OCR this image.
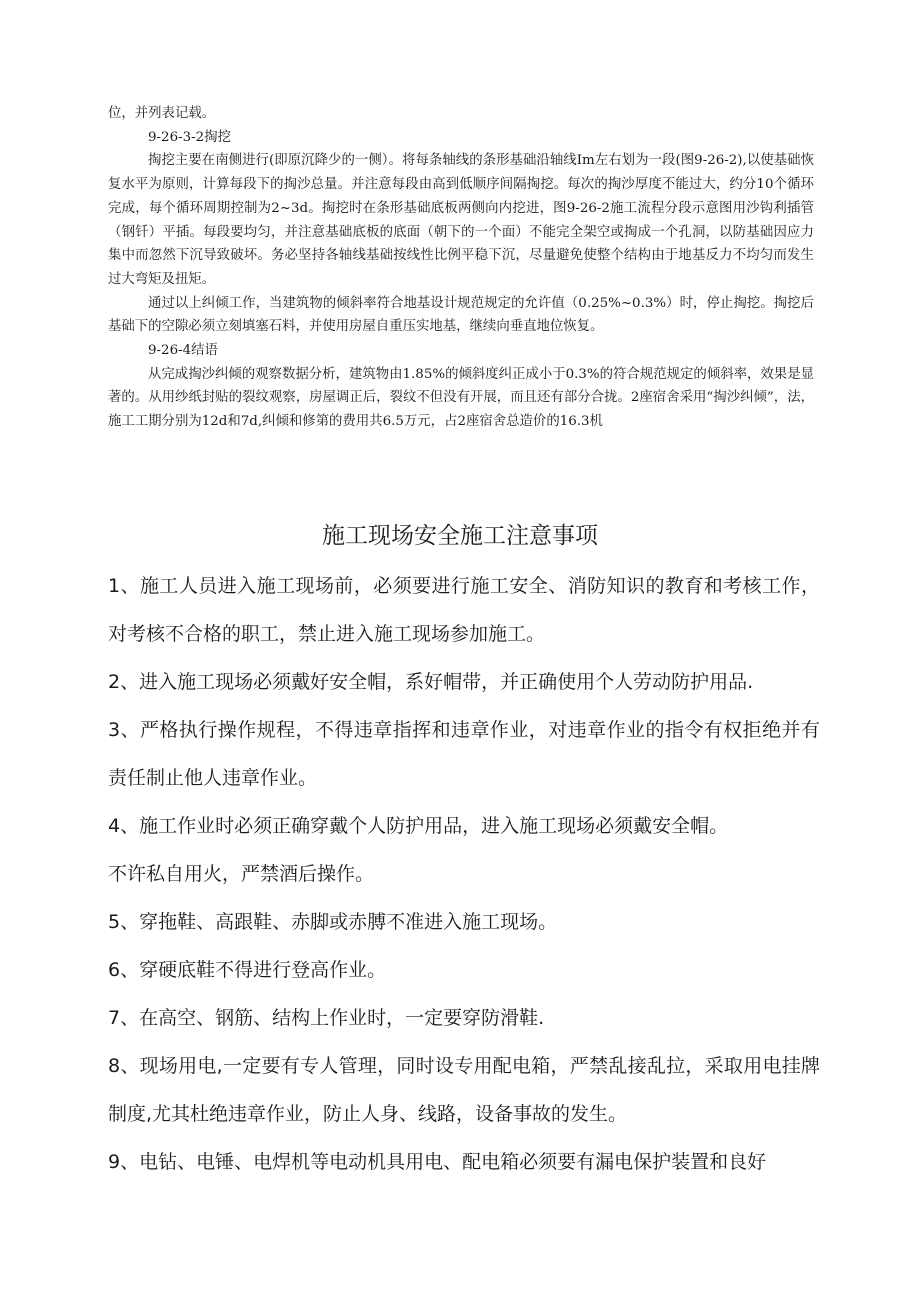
位，并列表记载。

9-26-3-2掏挖

掏挖主要在南侧进行(即原沉降少的一侧）。将每条轴线的条形基础沿轴线Im左右划为一段(图9-26-2),以使基础恢复水平为原则，计算每段下的掏沙总量。并注意每段由高到低顺序间隔掏挖。每次的掏沙厚度不能过大，约分10个循环完成，每个循环周期控制为2~3d。掏挖时在条形基础底板两侧向内挖进，图9-26-2施工流程分段示意图用沙钩利插管（钢钎）平插。每段要均匀，并注意基础底板的底面（朝下的一个面）不能完全架空或掏成一个孔洞，以防基础因应力集中而忽然下沉导致破坏。务必坚持各轴线基础按线性比例平稳下沉，尽量避免使整个结构由于地基反力不均匀而发生过大弯矩及扭矩。

通过以上纠倾工作，当建筑物的倾斜率符合地基设计规范规定的允许值（0.25%~0.3%）时，停止掏挖。掏挖后基础下的空隙必须立刻填塞石料，并使用房屋自重压实地基，继续向垂直地位恢复。

9-26-4结语

从完成掏沙纠倾的观察数据分析，建筑物由1.85%的倾斜度纠正成小于0.3%的符合规范规定的倾斜率，效果是显著的。从用纱纸封贴的裂纹观察，房屋调正后，裂纹不但没有开展，而且还有部分合拢。2座宿舍采用“掏沙纠倾”，法，施工工期分别为12d和7d,纠倾和修第的费用共6.5万元，占2座宿舍总造价的16.3机

施工现场安全施工注意事项

1、施工人员进入施工现场前，必须要进行施工安全、消防知识的教育和考核工作，对考核不合格的职工，禁止进入施工现场参加施工。

2、进入施工现场必须戴好安全帽，系好帽带，并正确使用个人劳动防护用品.

3、严格执行操作规程，不得违章指挥和违章作业，对违章作业的指令有权拒绝并有责任制止他人违章作业。

4、施工作业时必须正确穿戴个人防护用品，进入施工现场必须戴安全帽。

不许私自用火，严禁酒后操作。

5、穿拖鞋、高跟鞋、赤脚或赤膊不准进入施工现场。

6、穿硬底鞋不得进行登高作业。

7、在高空、钢筋、结构上作业时，一定要穿防滑鞋.

8、现场用电,一定要有专人管理，同时设专用配电箱，严禁乱接乱拉，采取用电挂牌制度,尤其杜绝违章作业，防止人身、线路，设备事故的发生。

9、电钻、电锤、电焊机等电动机具用电、配电箱必须要有漏电保护装置和良好
